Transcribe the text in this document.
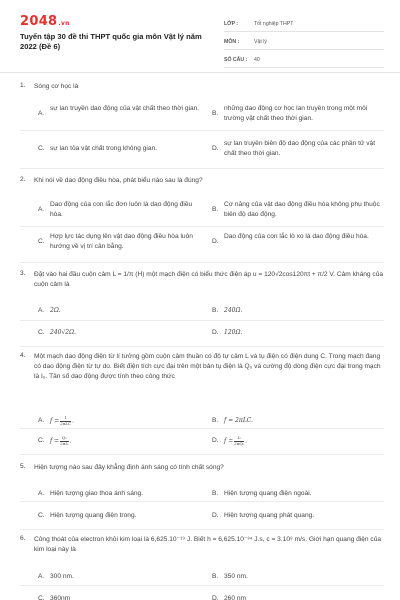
2048.vn
Tuyển tập 30 đề thi THPT quốc gia môn Vật lý năm 2022 (Đề 6)
LỚP :	Tốt nghiệp THPT
MÔN :	Vật lý
SỐ CÂU :	40
1. Sóng cơ học là
A.
sự lan truyền dao động của vật chất theo thời gian.
B.
những dao động cơ học lan truyền trong một môi trường vật chất theo thời gian.
C. sự lan tỏa vật chất trong không gian.	D.
sự lan truyền biên độ dao động của các phần tử vật chất theo thời gian.
2. Khi nói về dao động điều hòa, phát biểu nào sau là đúng?
A.
Dao động của con lắc đơn luôn là dao động điều hòa.
B.
Cơ năng của vật dao động điều hòa không phụ thuộc biên độ dao động.
C.
Hợp lực tác dụng lên vật dao động điều hòa luôn hướng về vị trí cân bằng.
D.
Dao động của con lắc lò xo là dao động điều hòa.
3. Đặt vào hai đầu cuộn cảm L = 1/π (H) một mạch điện có biểu thức điện áp u = 120√2cos120πt + π/2 V. Cảm kháng của cuộn cảm là
A. 2Ω.	B. 240Ω.
C. 240√2Ω.	D. 120Ω.
4. Một mạch dao động điện từ lí tưởng gồm cuộn cảm thuần có độ tự cảm L và tụ điện có điện dung C. Trong mạch đang có dao động điện từ tự do. Biết điện tích cực đại trên một bản tụ điện là Q₀ và cường độ dòng điện cực đại trong mạch là I₀. Tần số dao động được tính theo công thức
A. $f = \frac{1}{\text{2πLC}}$ .	B. f = 2πLC.
C. $f = \frac{\text{Q₀}}{\text{2πI₀}}$ .	D. $f = \frac{\text{I₀}}{\text{2πQ₀}}$ .
5. Hiện tượng nào sau đây khẳng định ánh sáng có tính chất sóng?
A. Hiện tượng giao thoa ánh sáng.	B. Hiện tượng quang điện ngoài.
C. Hiện tượng quang điện trong.	D. Hiện tượng quang phát quang.
6. Công thoát của electron khỏi kim loại là 6,625.10⁻¹⁹ J. Biết h = 6,625.10⁻³⁴ J.s, c = 3.10⁸ m/s. Giới hạn quang điện của kim loại này là
A. 300 nm.	B. 350 nm.
C. 360nm	D. 260 nm
